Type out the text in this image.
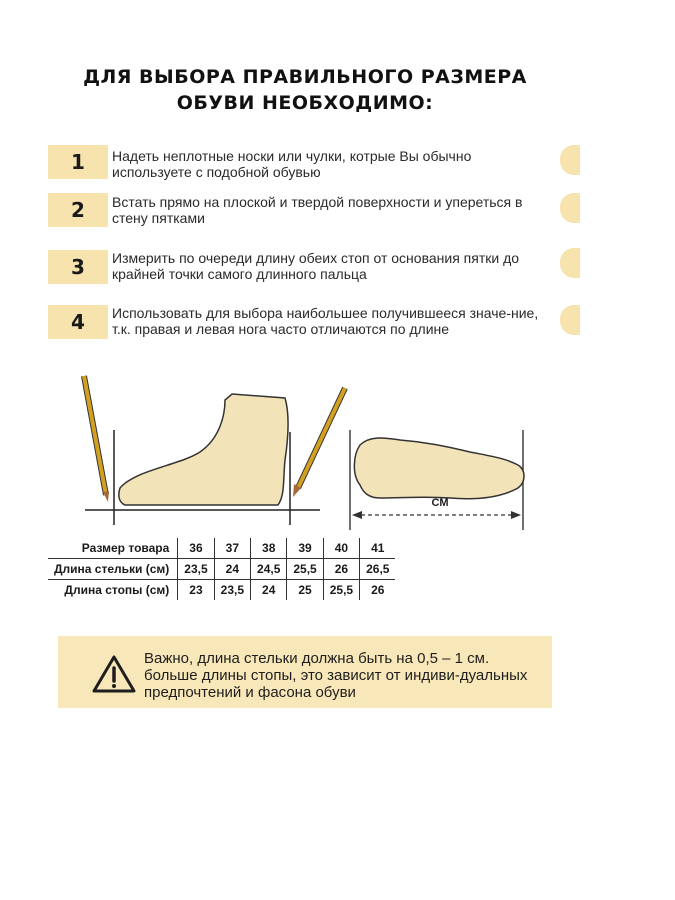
ДЛЯ ВЫБОРА ПРАВИЛЬНОГО РАЗМЕРА
ОБУВИ НЕОБХОДИМО:
1	Надеть неплотные носки или чулки, котрые Вы обычно используете с подобной обувью
2	Встать прямо на плоской и твердой поверхности и упереться в стену пятками
3	Измерить по очереди длину обеих стоп от основания пятки до крайней точки самого длинного пальца
4	Использовать для выбора наибольшее получившееся значе-ние, т.к. правая и левая нога часто отличаются по длине
СМ
Размер товара	36	37	38	39	40	41
Длина стельки (см)	23,5	24	24,5	25,5	26	26,5
Длина стопы (см)	23	23,5	24	25	25,5	26
Важно, длина стельки должна быть на 0,5 – 1 см. больше длины стопы, это зависит от индиви-дуальных предпочтений и фасона обуви
